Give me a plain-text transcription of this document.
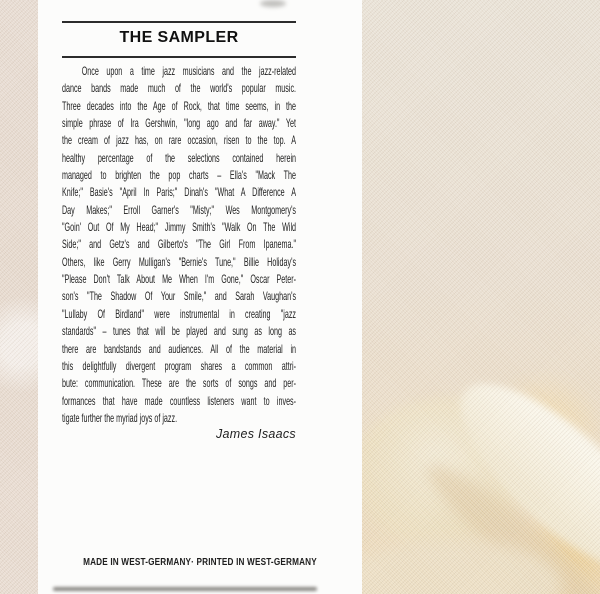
THE SAMPLER
Once upon a time jazz musicians and the jazz-related
dance bands made much of the world's popular music.
Three decades into the Age of Rock, that time seems, in the
simple phrase of Ira Gershwin, "long ago and far away." Yet
the cream of jazz has, on rare occasion, risen to the top. A
healthy percentage of the selections contained herein
managed to brighten the pop charts – Ella's "Mack The
Knife;" Basie's "April In Paris;" Dinah's "What A Difference A
Day Makes;" Erroll Garner's "Misty;" Wes Montgomery's
"Goin' Out Of My Head;" Jimmy Smith's "Walk On The Wild
Side;" and Getz's and Gilberto's "The Girl From Ipanema."
Others, like Gerry Mulligan's "Bernie's Tune," Billie Holiday's
"Please Don't Talk About Me When I'm Gone," Oscar Peter-
son's "The Shadow Of Your Smile," and Sarah Vaughan's
"Lullaby Of Birdland" were instrumental in creating "jazz
standards" – tunes that will be played and sung as long as
there are bandstands and audiences. All of the material in
this delightfully divergent program shares a common attri-
bute: communication. These are the sorts of songs and per-
formances that have made countless listeners want to inves-
tigate further the myriad joys of jazz.
James Isaacs
MADE IN WEST-GERMANY· PRINTED IN WEST-GERMANY
